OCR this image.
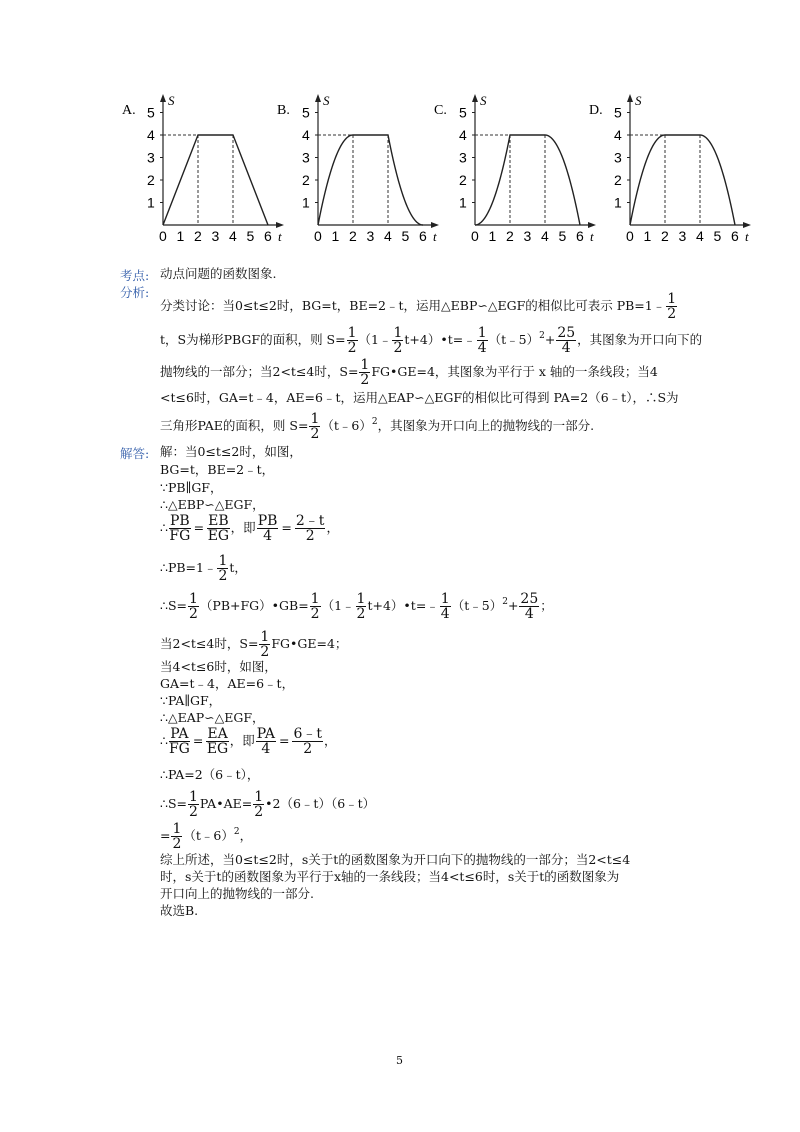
A.
S
t
1
2
3
4
5
0 1 2 3 4 5 6
B.
S
t
1
2
3
4
5
0 1 2 3 4 5 6
C.
S
t
1
2
3
4
5
0 1 2 3 4 5 6
D.
S
t
1
2
3
4
5
0 1 2 3 4 5 6
考点: 动点问题的函数图象.
分析:
分类讨论：当0≤t≤2时，BG=t，BE=2﹣t，运用△EBP∽△EGF的相似比可表示 PB=1﹣ $\frac{1}{2}$
t，S为梯形PBGF的面积，则 $S= \frac{1}{2}$ （1﹣ $\frac{1}{2}$ t+4）•t=﹣ $\frac{1}{4}$ （t﹣5）$^2$+ $\frac{25}{4}$ ，其图象为开口向下的
抛物线的一部分；当2<t≤4时，$S= \frac{1}{2}$ FG•GE=4，其图象为平行于 x 轴的一条线段；当4
<t≤6时，GA=t﹣4，AE=6﹣t，运用△EAP∽△EGF的相似比可得到 PA=2（6﹣t），∴S为
三角形PAE的面积，则 $S= \frac{1}{2}$ （t﹣6）$^2$，其图象为开口向上的抛物线的一部分.
解答: 解：当0≤t≤2时，如图，
BG=t，BE=2﹣t，
∵PB∥GF，
∴△EBP∽△EGF，
∴ $\frac{PB}{FG} = \frac{EB}{EG}$ ，即 $\frac{PB}{4} = \frac{2﹣t}{2}$ ，
∴PB=1﹣ $\frac{1}{2}$ t，
∴S= $\frac{1}{2}$ （PB+FG）•GB= $\frac{1}{2}$ （1﹣ $\frac{1}{2}$ t+4）•t=﹣ $\frac{1}{4}$ （t﹣5）$^2$+ $\frac{25}{4}$ ；
当2<t≤4时，$S= \frac{1}{2}$ FG•GE=4；
当4<t≤6时，如图，
GA=t﹣4，AE=6﹣t，
∵PA∥GF，
∴△EAP∽△EGF，
∴ $\frac{PA}{FG} = \frac{EA}{EG}$ ，即 $\frac{PA}{4} = \frac{6﹣t}{2}$ ，
∴PA=2（6﹣t），
∴S= $\frac{1}{2}$ PA•AE= $\frac{1}{2}$ •2（6﹣t）（6﹣t）
= $\frac{1}{2}$ （t﹣6）$^2$，
综上所述，当0≤t≤2时，s关于t的函数图象为开口向下的抛物线的一部分；当2<t≤4
时，s关于t的函数图象为平行于x轴的一条线段；当4<t≤6时，s关于t的函数图象为
开口向上的抛物线的一部分.
故选B.
5
